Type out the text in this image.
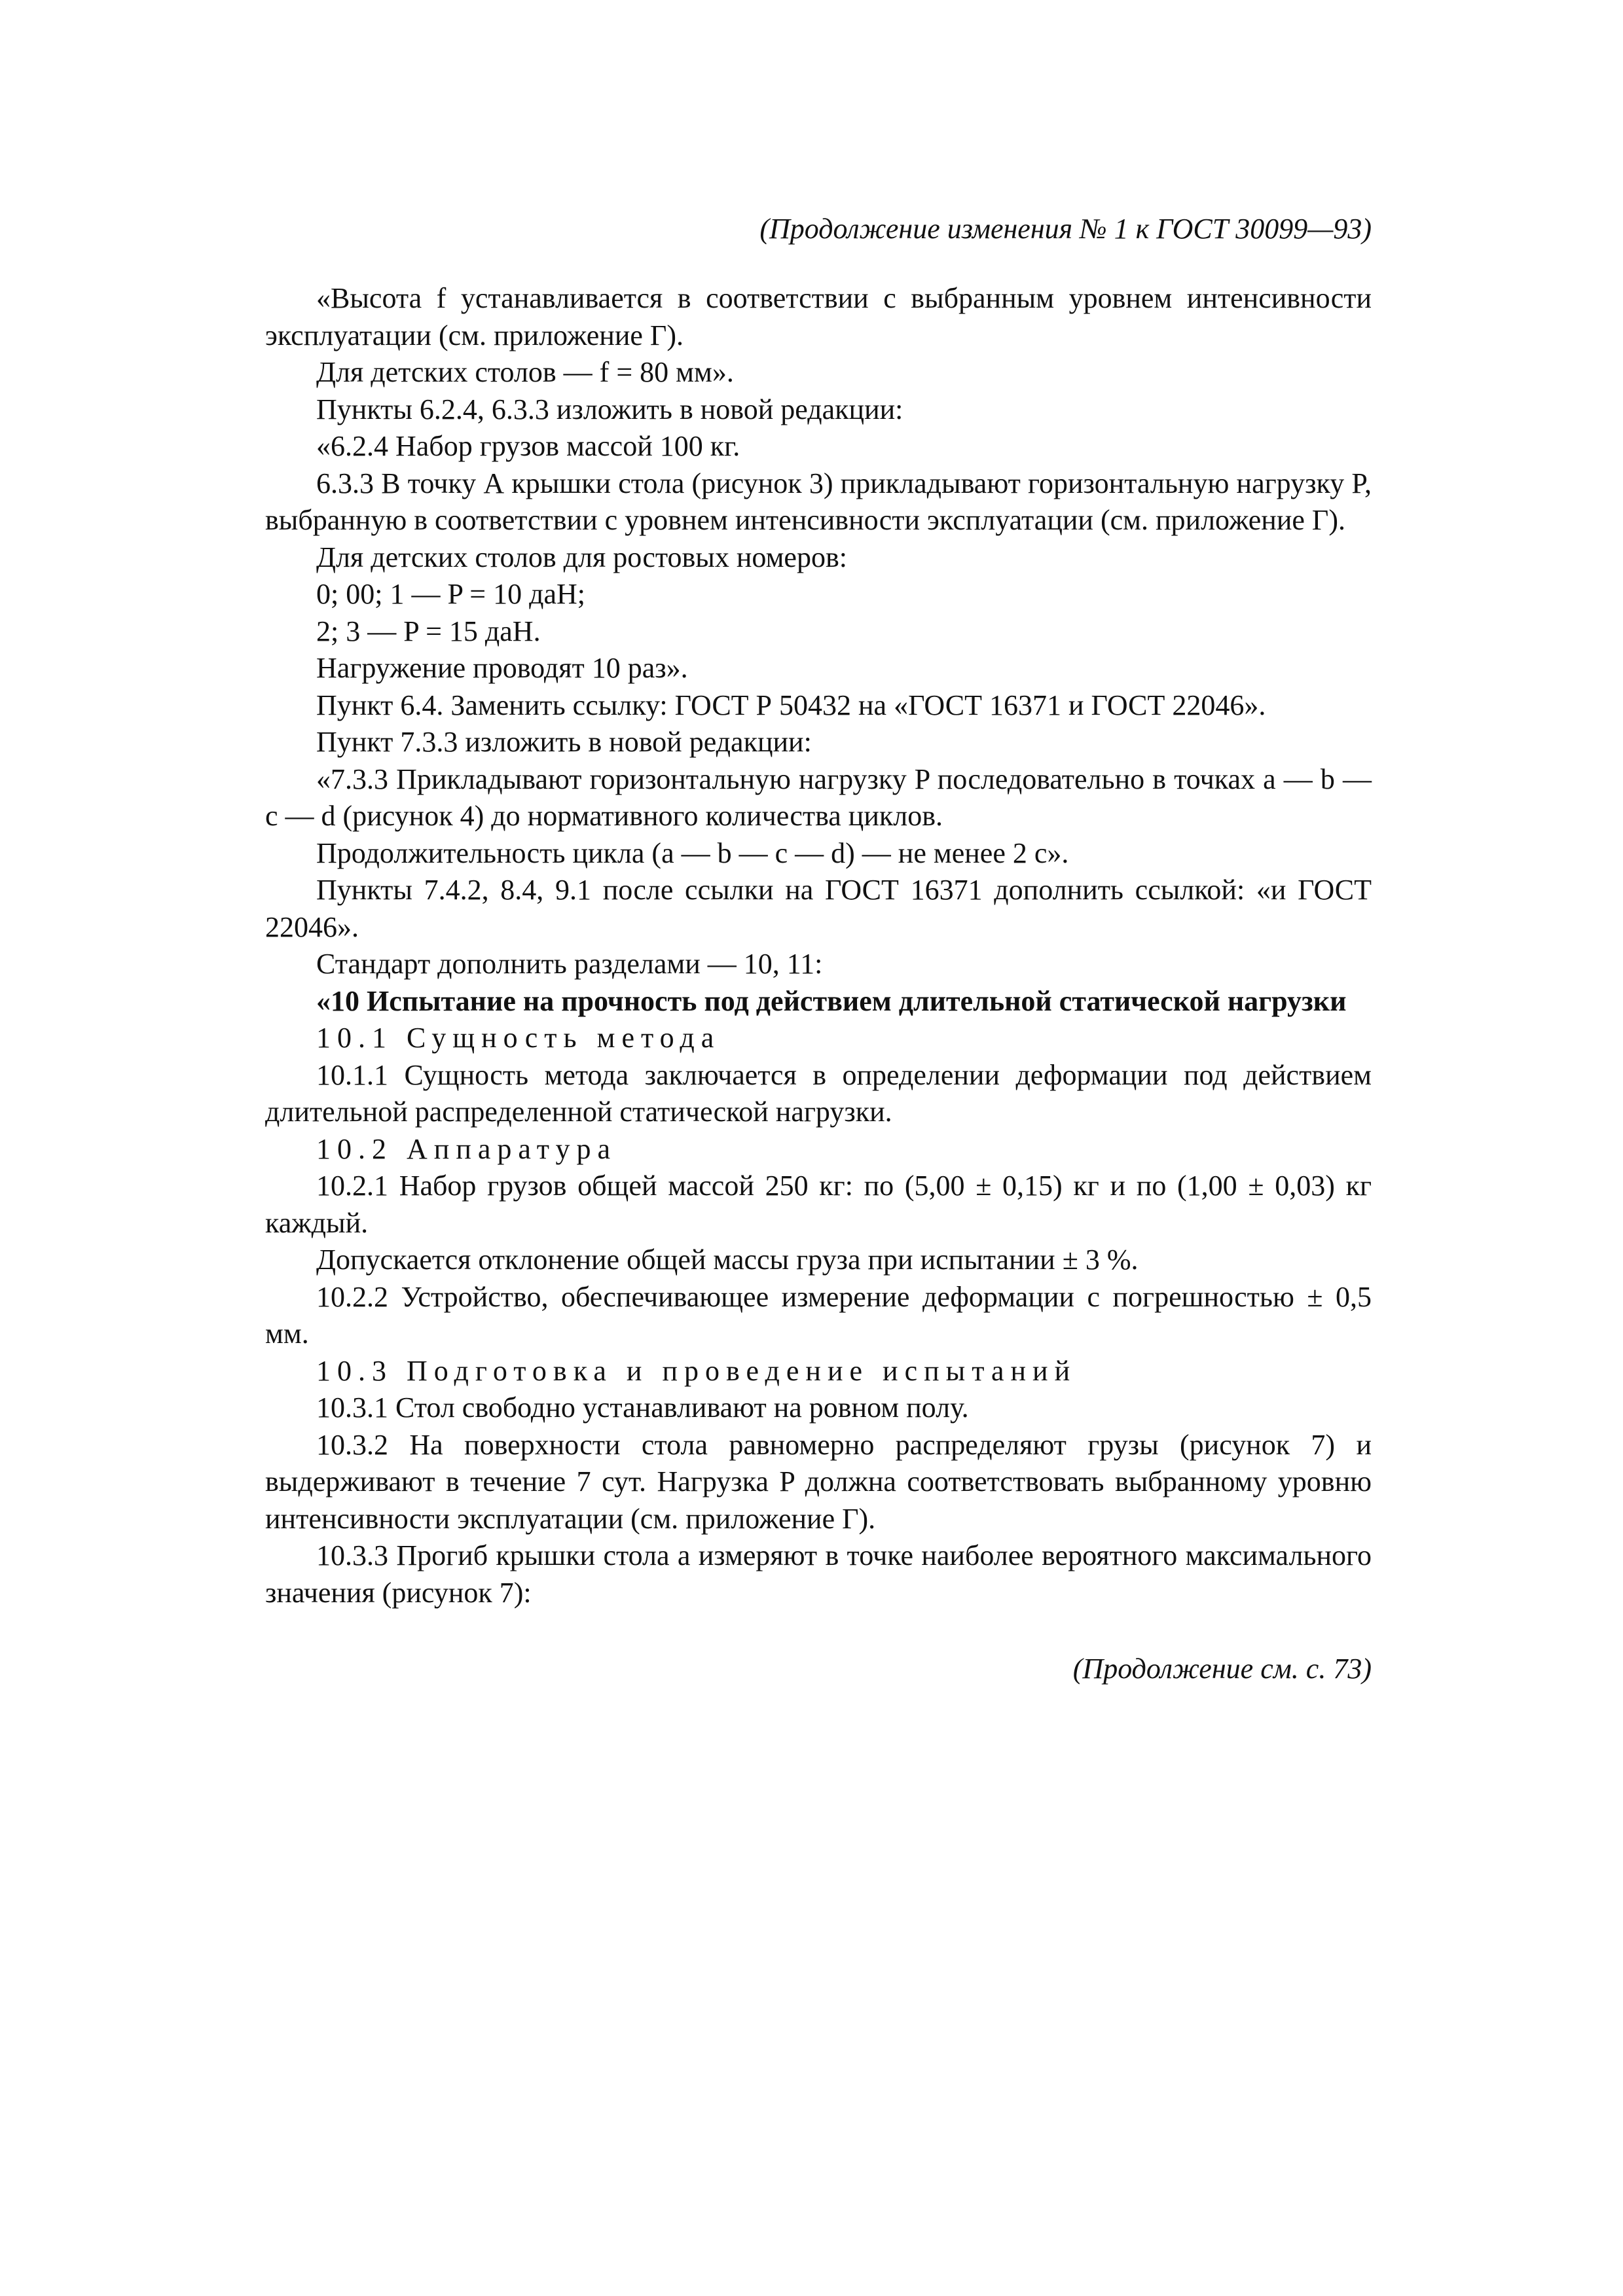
(Продолжение изменения № 1 к ГОСТ 30099—93)

«Высота f устанавливается в соответствии с выбранным уровнем интенсивности эксплуатации (см. приложение Г).

Для детских столов — f = 80 мм».

Пункты 6.2.4, 6.3.3 изложить в новой редакции:

«6.2.4 Набор грузов массой 100 кг.

6.3.3 В точку А крышки стола (рисунок 3) прикладывают горизонтальную нагрузку P, выбранную в соответствии с уровнем интенсивности эксплуатации (см. приложение Г).

Для детских столов для ростовых номеров:

0; 00; 1 — P = 10 даН;

2; 3 — P = 15 даН.

Нагружение проводят 10 раз».

Пункт 6.4. Заменить ссылку: ГОСТ Р 50432 на «ГОСТ 16371 и ГОСТ 22046».

Пункт 7.3.3 изложить в новой редакции:

«7.3.3 Прикладывают горизонтальную нагрузку P последовательно в точках a — b — c — d (рисунок 4) до нормативного количества циклов.

Продолжительность цикла (a — b — c — d) — не менее 2 с».

Пункты 7.4.2, 8.4, 9.1 после ссылки на ГОСТ 16371 дополнить ссылкой: «и ГОСТ 22046».

Стандарт дополнить разделами — 10, 11:

«10 Испытание на прочность под действием длительной статической нагрузки

10.1 Сущность метода

10.1.1 Сущность метода заключается в определении деформации под действием длительной распределенной статической нагрузки.

10.2 Аппаратура

10.2.1 Набор грузов общей массой 250 кг: по (5,00 ± 0,15) кг и по (1,00 ± 0,03) кг каждый.

Допускается отклонение общей массы груза при испытании ± 3 %.

10.2.2 Устройство, обеспечивающее измерение деформации с погрешностью ± 0,5 мм.

10.3 Подготовка и проведение испытаний

10.3.1 Стол свободно устанавливают на ровном полу.

10.3.2 На поверхности стола равномерно распределяют грузы (рисунок 7) и выдерживают в течение 7 сут. Нагрузка P должна соответствовать выбранному уровню интенсивности эксплуатации (см. приложение Г).

10.3.3 Прогиб крышки стола a измеряют в точке наиболее вероятного максимального значения (рисунок 7):

(Продолжение см. с. 73)
